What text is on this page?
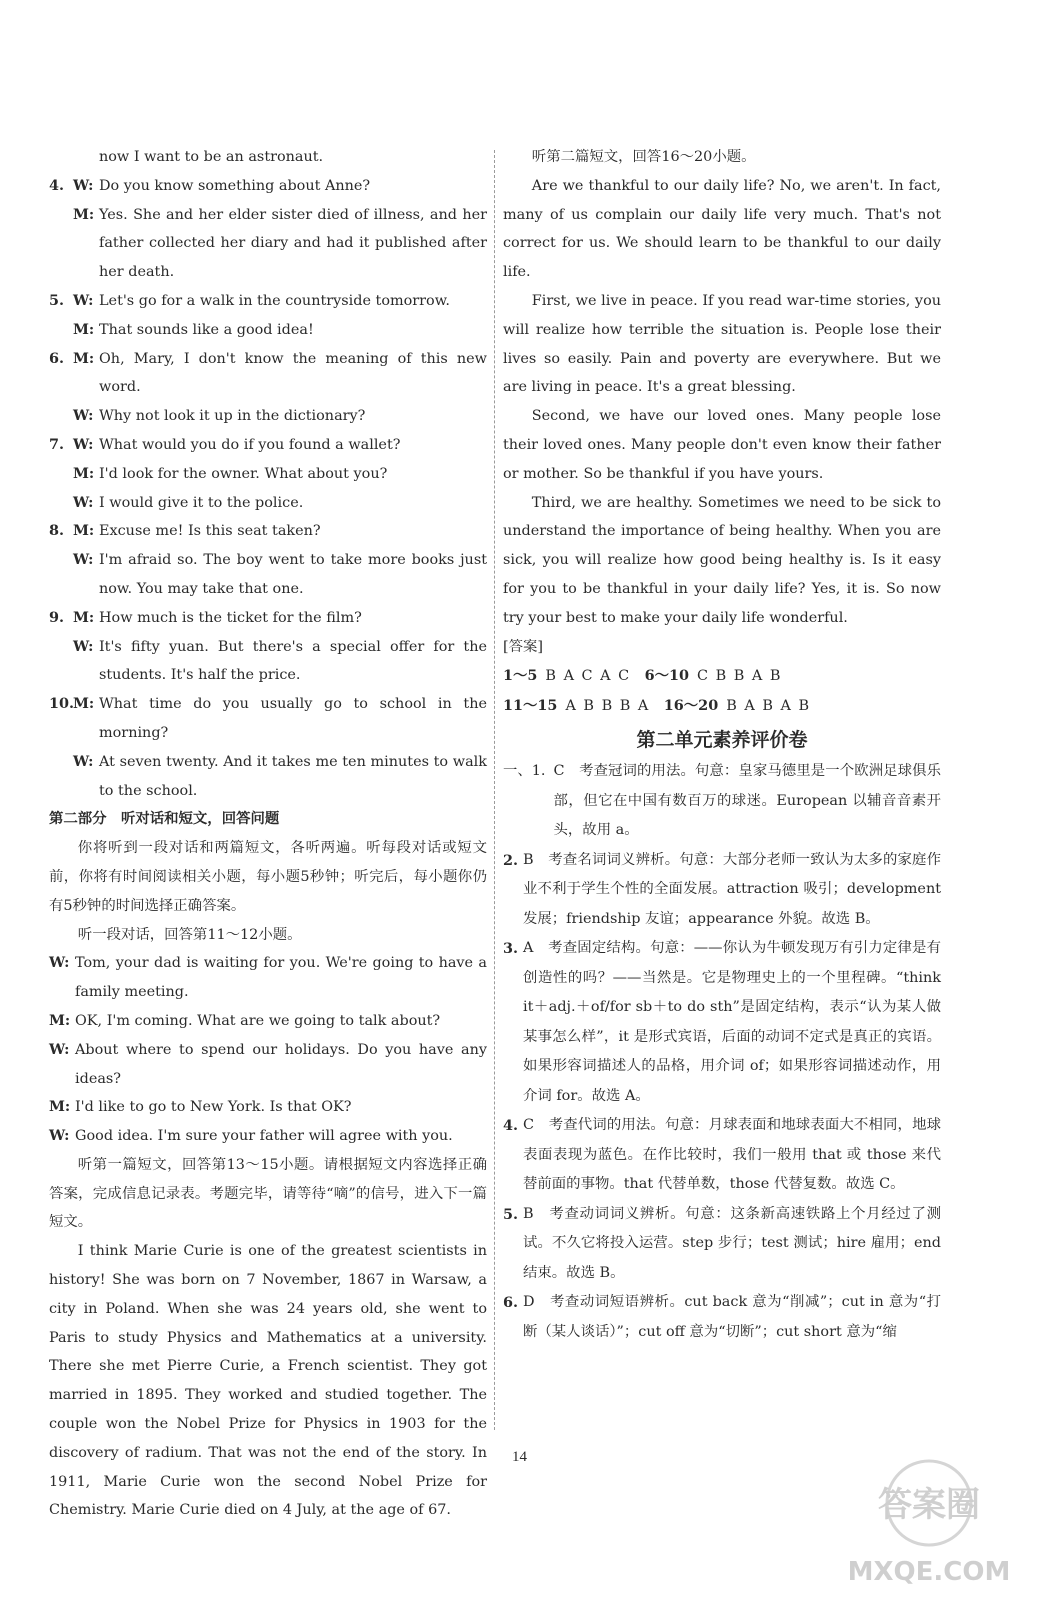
now I want to be an astronaut.
4. W: Do you know something about Anne?
M: Yes. She and her elder sister died of illness, and her father collected her diary and had it published after her death.
5. W: Let's go for a walk in the countryside tomorrow.
M: That sounds like a good idea!
6. M: Oh, Mary, I don't know the meaning of this new word.
W: Why not look it up in the dictionary?
7. W: What would you do if you found a wallet?
M: I'd look for the owner. What about you?
W: I would give it to the police.
8. M: Excuse me! Is this seat taken?
W: I'm afraid so. The boy went to take more books just now. You may take that one.
9. M: How much is the ticket for the film?
W: It's fifty yuan. But there's a special offer for the students. It's half the price.
10.
M: What time do you usually go to school in the morning?
W: At seven twenty. And it takes me ten minutes to walk to the school.
第二部分　听对话和短文，回答问题
你将听到一段对话和两篇短文，各听两遍。听每段对话或短文前，你将有时间阅读相关小题，每小题5秒钟；听完后，每小题你仍有5秒钟的时间选择正确答案。
听一段对话，回答第11～12小题。
W: Tom, your dad is waiting for you. We're going to have a family meeting.
M: OK, I'm coming. What are we going to talk about?
W: About where to spend our holidays. Do you have any ideas?
M: I'd like to go to New York. Is that OK?
W: Good idea. I'm sure your father will agree with you.
听第一篇短文，回答第13～15小题。请根据短文内容选择正确答案，完成信息记录表。考题完毕，请等待“嘀”的信号，进入下一篇短文。
I think Marie Curie is one of the greatest scientists in history! She was born on 7 November, 1867 in Warsaw, a city in Poland. When she was 24 years old, she went to Paris to study Physics and Mathematics at a university. There she met Pierre Curie, a French scientist. They got married in 1895. They worked and studied together. The couple won the Nobel Prize for Physics in 1903 for the discovery of radium. That was not the end of the story. In 1911, Marie Curie won the second Nobel Prize for Chemistry. Marie Curie died on 4 July, at the age of 67.
听第二篇短文，回答16～20小题。
Are we thankful to our daily life? No, we aren't. In fact, many of us complain our daily life very much. That's not correct for us. We should learn to be thankful to our daily life.
First, we live in peace. If you read war-time stories, you will realize how terrible the situation is. People lose their lives so easily. Pain and poverty are everywhere. But we are living in peace. It's a great blessing.
Second, we have our loved ones. Many people lose their loved ones. Many people don't even know their father or mother. So be thankful if you have yours.
Third, we are healthy. Sometimes we need to be sick to understand the importance of being healthy. When you are sick, you will realize how good being healthy is. Is it easy for you to be thankful in your daily life? Yes, it is. So now try your best to make your daily life wonderful.
[答案]
1～5 B A C A C 6～10 C B B A B
11～15 A B B B A 16～20 B A B A B
第二单元素养评价卷
一、1. C　考查冠词的用法。句意：皇家马德里是一个欧洲足球俱乐部，但它在中国有数百万的球迷。European 以辅音音素开头，故用 a。
2. B　考查名词词义辨析。句意：大部分老师一致认为太多的家庭作业不利于学生个性的全面发展。attraction 吸引；development 发展；friendship 友谊；appearance 外貌。故选 B。
3. A　考查固定结构。句意：——你认为牛顿发现万有引力定律是有创造性的吗？——当然是。它是物理史上的一个里程碑。“think it＋adj.＋of/for sb＋to do sth”是固定结构，表示“认为某人做某事怎么样”，it 是形式宾语，后面的动词不定式是真正的宾语。如果形容词描述人的品格，用介词 of；如果形容词描述动作，用介词 for。故选 A。
4. C　考查代词的用法。句意：月球表面和地球表面大不相同，地球表面表现为蓝色。在作比较时，我们一般用 that 或 those 来代替前面的事物。that 代替单数，those 代替复数。故选 C。
5. B　考查动词词义辨析。句意：这条新高速铁路上个月经过了测试。不久它将投入运营。step 步行；test 测试；hire 雇用；end 结束。故选 B。
6. D　考查动词短语辨析。cut back 意为“削减”；cut in 意为“打断（某人谈话）”；cut off 意为“切断”；cut short 意为“缩
14
答案圈
MXQE.COM
